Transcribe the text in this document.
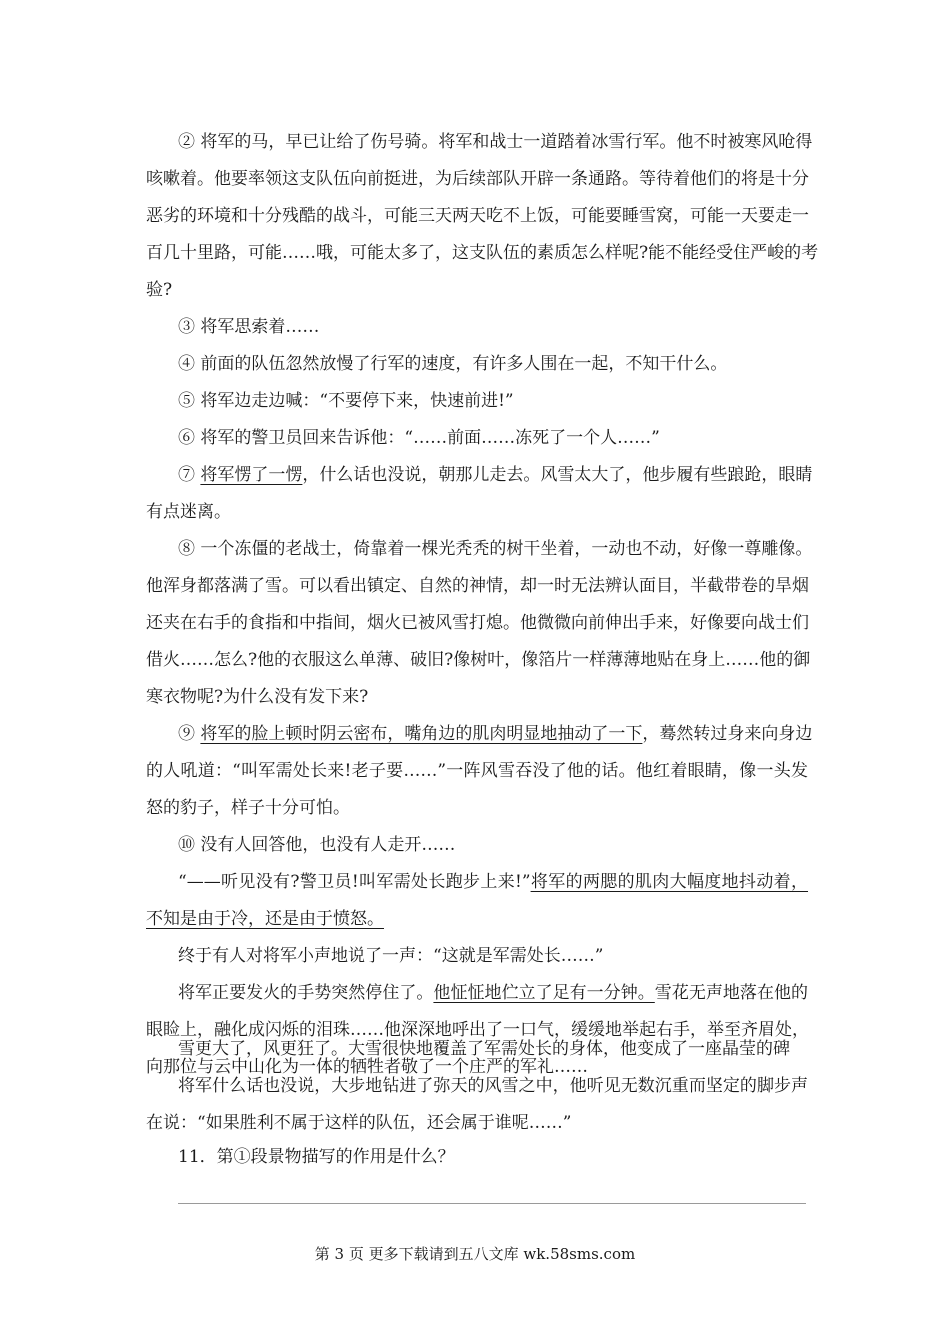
② 将军的马，早已让给了伤号骑。将军和战士一道踏着冰雪行军。他不时被寒风呛得
咳嗽着。他要率领这支队伍向前挺进，为后续部队开辟一条通路。等待着他们的将是十分
恶劣的环境和十分残酷的战斗，可能三天两天吃不上饭，可能要睡雪窝，可能一天要走一
百几十里路，可能……哦，可能太多了，这支队伍的素质怎么样呢?能不能经受住严峻的考
验?
③ 将军思索着……
④ 前面的队伍忽然放慢了行军的速度，有许多人围在一起，不知干什么。
⑤ 将军边走边喊：“不要停下来，快速前进!”
⑥ 将军的警卫员回来告诉他：“……前面……冻死了一个人……”
⑦ 将军愣了一愣，什么话也没说，朝那儿走去。风雪太大了，他步履有些踉跄，眼睛
有点迷离。
⑧ 一个冻僵的老战士，倚靠着一棵光秃秃的树干坐着，一动也不动，好像一尊雕像。
他浑身都落满了雪。可以看出镇定、自然的神情，却一时无法辨认面目，半截带卷的旱烟
还夹在右手的食指和中指间，烟火已被风雪打熄。他微微向前伸出手来，好像要向战士们
借火……怎么?他的衣服这么单薄、破旧?像树叶，像箔片一样薄薄地贴在身上……他的御
寒衣物呢?为什么没有发下来?
⑨ 将军的脸上顿时阴云密布，嘴角边的肌肉明显地抽动了一下，蓦然转过身来向身边
的人吼道：“叫军需处长来!老子要……”一阵风雪吞没了他的话。他红着眼睛，像一头发
怒的豹子，样子十分可怕。
⑩ 没有人回答他，也没有人走开……
“——听见没有?警卫员!叫军需处长跑步上来!”将军的两腮的肌肉大幅度地抖动着，
不知是由于冷，还是由于愤怒。
终于有人对将军小声地说了一声：“这就是军需处长……”
将军正要发火的手势突然停住了。他怔怔地伫立了足有一分钟。雪花无声地落在他的
眼睑上，融化成闪烁的泪珠……他深深地呼出了一口气，缓缓地举起右手，举至齐眉处，
向那位与云中山化为一体的牺牲者敬了一个庄严的军礼……
雪更大了，风更狂了。大雪很快地覆盖了军需处长的身体，他变成了一座晶莹的碑
将军什么话也没说，大步地钻进了弥天的风雪之中，他听见无数沉重而坚定的脚步声
在说：“如果胜利不属于这样的队伍，还会属于谁呢……”
11．第①段景物描写的作用是什么？
第 3 页 更多下载请到五八文库 wk.58sms.com
